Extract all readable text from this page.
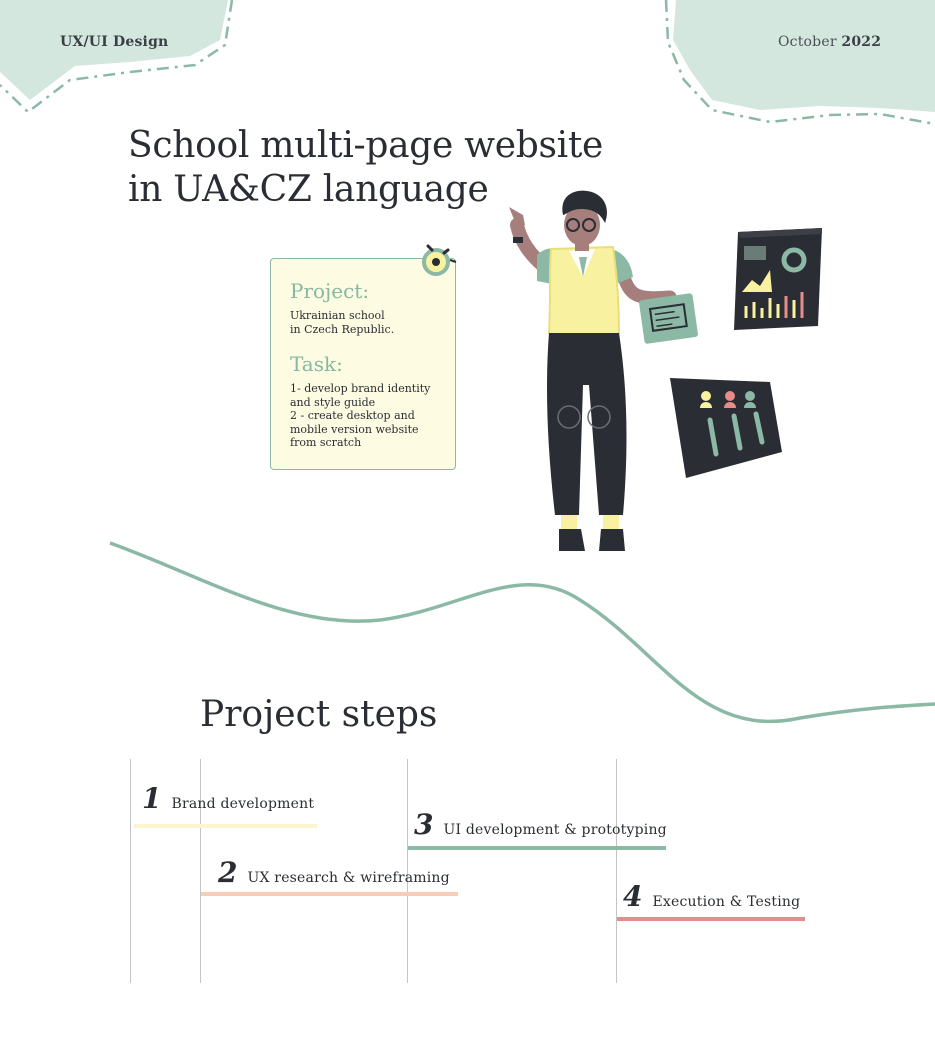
UX/UI Design	October 2022
School multi-page website
in UA&CZ language
Project:

Ukrainian school
in Czech Republic.

Task:

1- develop brand identity
and style guide
2 - create desktop and
mobile version website
from scratch

Project steps
1 Brand development
2 UX research & wireframing
3 UI development & prototyping
4 Execution & Testing
